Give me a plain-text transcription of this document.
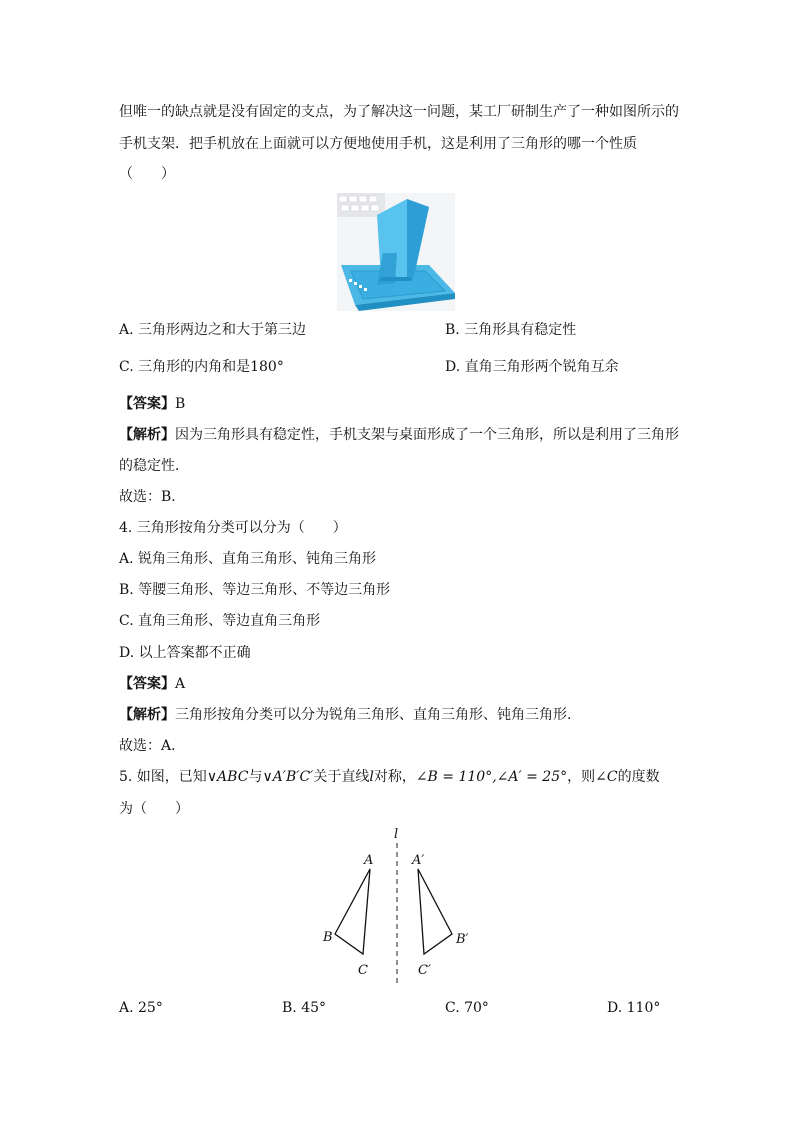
但唯一的缺点就是没有固定的支点，为了解决这一问题，某工厂研制生产了一种如图所示的
手机支架．把手机放在上面就可以方便地使用手机，这是利用了三角形的哪一个性质
（　　）
A. 三角形两边之和大于第三边	B. 三角形具有稳定性
C. 三角形的内角和是180°	D. 直角三角形两个锐角互余
【答案】B
【解析】因为三角形具有稳定性，手机支架与桌面形成了一个三角形，所以是利用了三角形
的稳定性．
故选：B．
4. 三角形按角分类可以分为（　　）
A. 锐角三角形、直角三角形、钝角三角形
B. 等腰三角形、等边三角形、不等边三角形
C. 直角三角形、等边直角三角形
D. 以上答案都不正确
【答案】A
【解析】三角形按角分类可以分为锐角三角形、直角三角形、钝角三角形.
故选：A．
5. 如图，已知∨ABC与∨A′B′C′关于直线l对称，∠B = 110°,∠A′ = 25°，则∠C的度数
为（　　）
l
A
B
C
A′
B′
C′
A. 25°	B. 45°	C. 70°	D. 110°
